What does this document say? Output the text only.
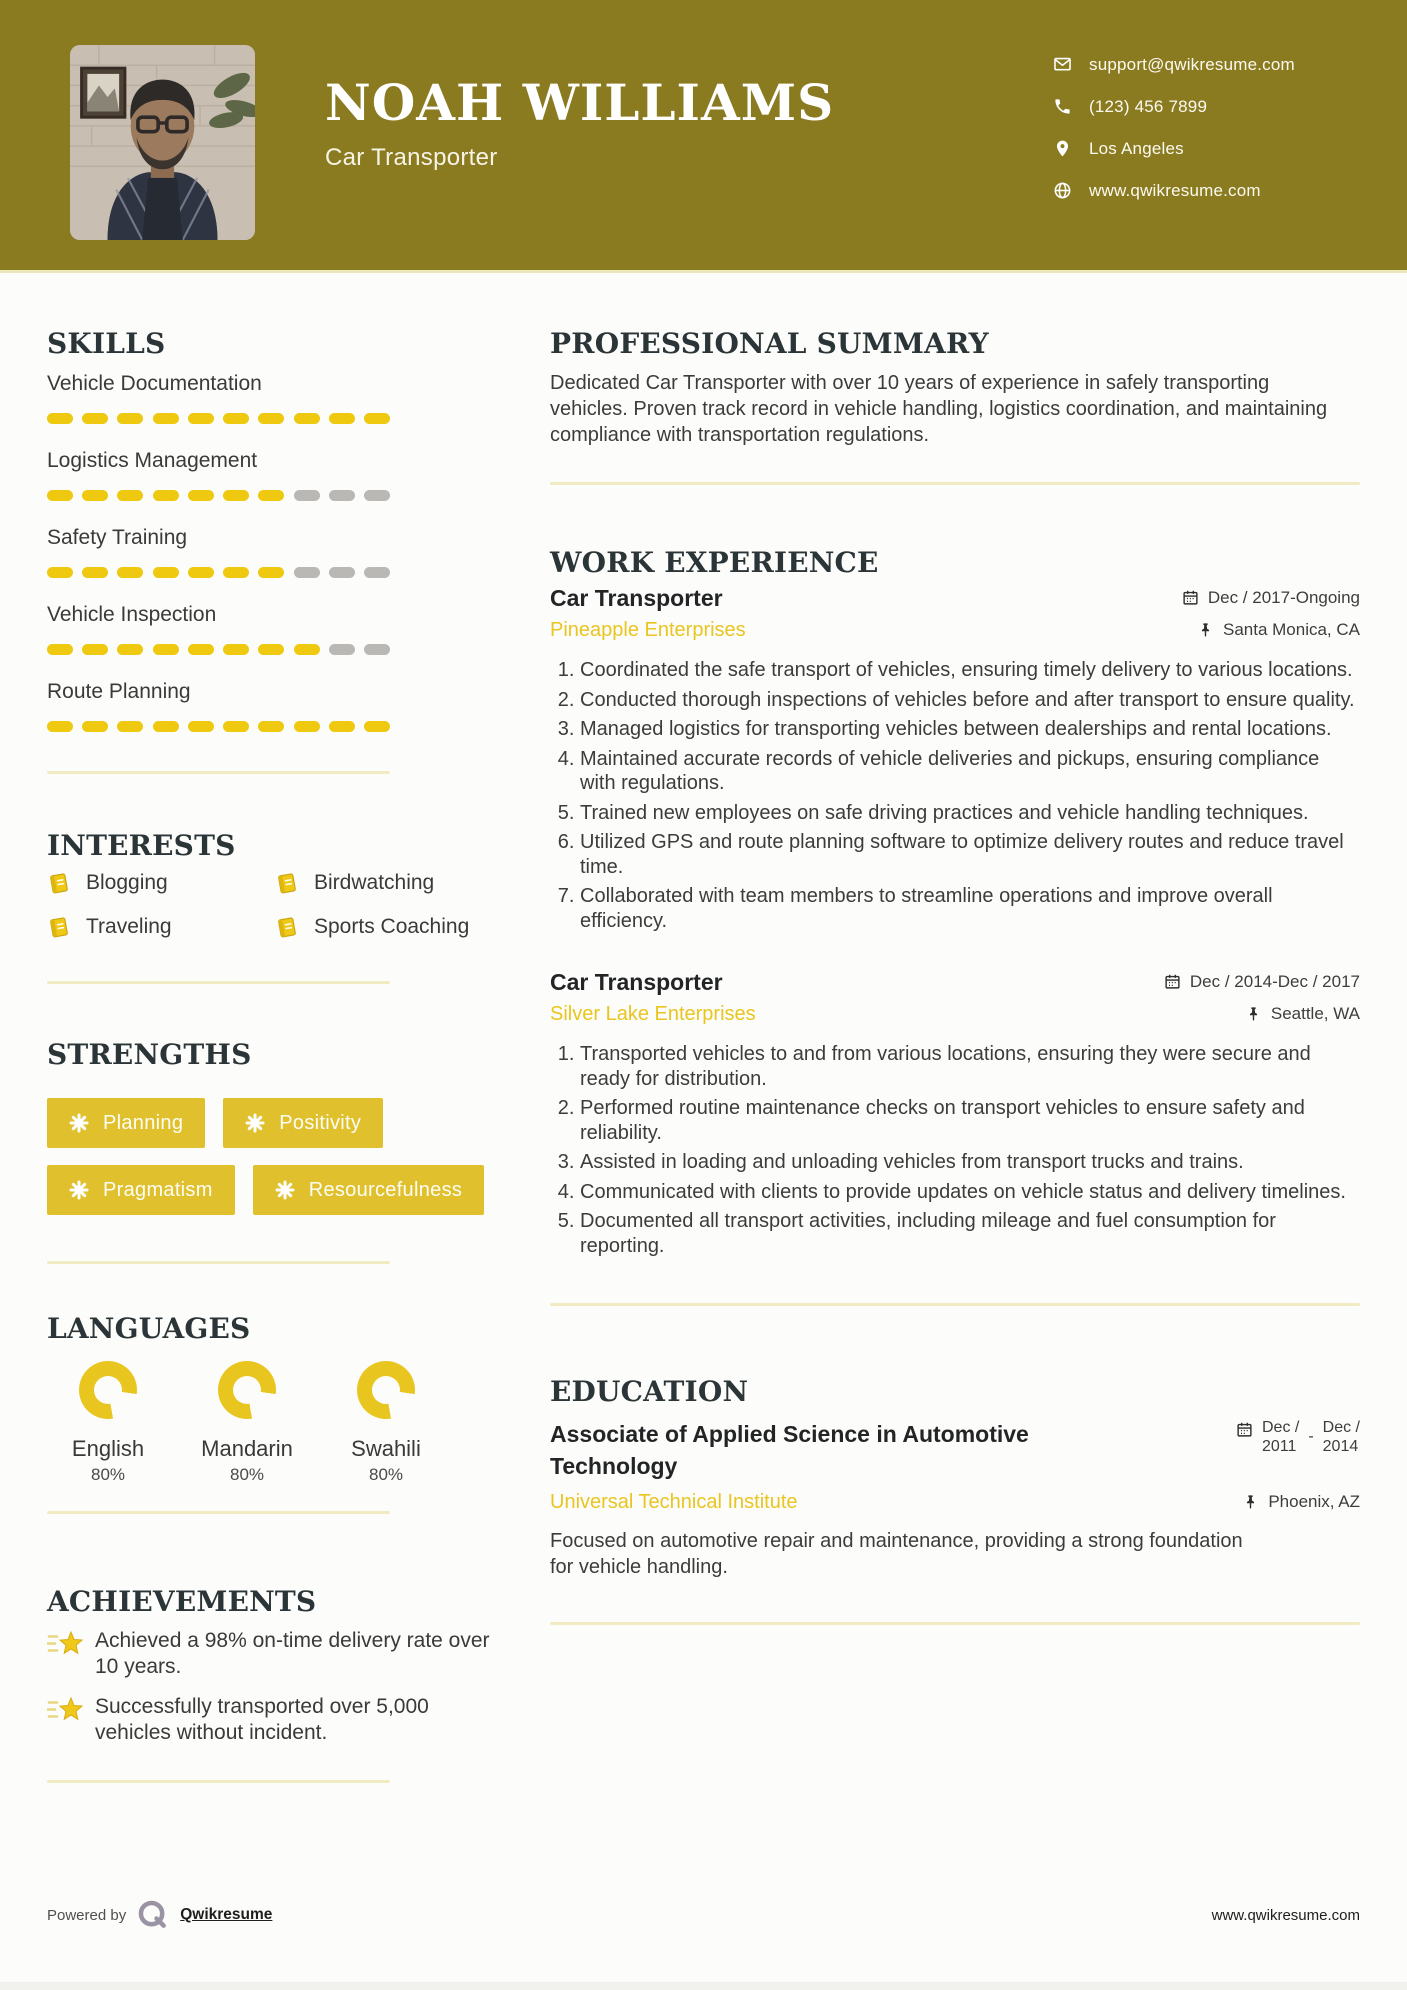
NOAH WILLIAMS
Car Transporter
support@qwikresume.com
(123) 456 7899
Los Angeles
www.qwikresume.com
SKILLS
Vehicle Documentation
Logistics Management
Safety Training
Vehicle Inspection
Route Planning
INTERESTS
Blogging	Birdwatching
Traveling	Sports Coaching
STRENGTHS
Planning	Positivity
Pragmatism	Resourcefulness
LANGUAGES
English
80%
Mandarin
80%
Swahili
80%
ACHIEVEMENTS
Achieved a 98% on-time delivery rate over 10 years.
Successfully transported over 5,000 vehicles without incident.
PROFESSIONAL SUMMARY

Dedicated Car Transporter with over 10 years of experience in safely transporting vehicles. Proven track record in vehicle handling, logistics coordination, and maintaining compliance with transportation regulations.

WORK EXPERIENCE
Car Transporter	Dec / 2017-Ongoing
Pineapple Enterprises	Santa Monica, CA
1. Coordinated the safe transport of vehicles, ensuring timely delivery to various locations.
2. Conducted thorough inspections of vehicles before and after transport to ensure quality.
3. Managed logistics for transporting vehicles between dealerships and rental locations.
4. Maintained accurate records of vehicle deliveries and pickups, ensuring compliance with regulations.
5. Trained new employees on safe driving practices and vehicle handling techniques.
6. Utilized GPS and route planning software to optimize delivery routes and reduce travel time.
7. Collaborated with team members to streamline operations and improve overall efficiency.
Car Transporter	Dec / 2014-Dec / 2017
Silver Lake Enterprises	Seattle, WA
1. Transported vehicles to and from various locations, ensuring they were secure and ready for distribution.
2. Performed routine maintenance checks on transport vehicles to ensure safety and reliability.
3. Assisted in loading and unloading vehicles from transport trucks and trains.
4. Communicated with clients to provide updates on vehicle status and delivery timelines.
5. Documented all transport activities, including mileage and fuel consumption for reporting.
EDUCATION
Associate of Applied Science in Automotive Technology
Dec /
2011
-
Dec /
2014
Universal Technical Institute	Phoenix, AZ

Focused on automotive repair and maintenance, providing a strong foundation for vehicle handling.

Powered by	Qwikresume	www.qwikresume.com
